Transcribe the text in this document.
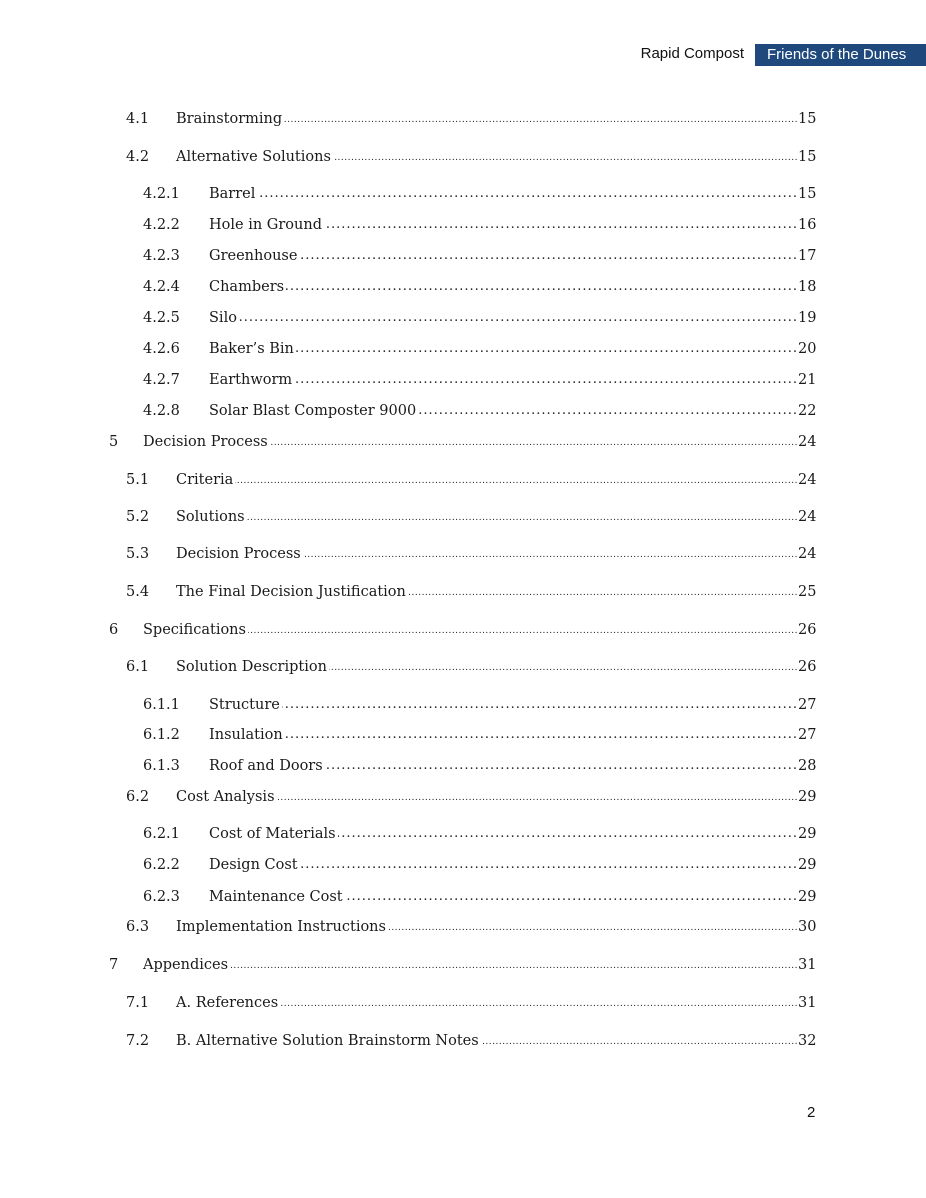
Rapid Compost	Friends of the Dunes
4.1 Brainstorming .....	15
4.2 Alternative Solutions .....	15
4.2.1 Barrel .....	15
4.2.2 Hole in Ground .....	16
4.2.3 Greenhouse .....	17
4.2.4 Chambers .....	18
4.2.5 Silo .....	19
4.2.6 Baker’s Bin .....	20
4.2.7 Earthworm .....	21
4.2.8 Solar Blast Composter 9000 .....	22
5 Decision Process .....	24
5.1 Criteria .....	24
5.2 Solutions .....	24
5.3 Decision Process .....	24
5.4 The Final Decision Justification .....	25
6 Specifications .....	26
6.1 Solution Description .....	26
6.1.1 Structure .....	27
6.1.2 Insulation .....	27
6.1.3 Roof and Doors .....	28
6.2 Cost Analysis .....	29
6.2.1 Cost of Materials .....	29
6.2.2 Design Cost .....	29
6.2.3 Maintenance Cost .....	29
6.3 Implementation Instructions .....	30
7 Appendices .....	31
7.1 A. References .....	31
7.2 B. Alternative Solution Brainstorm Notes .....	32
2
